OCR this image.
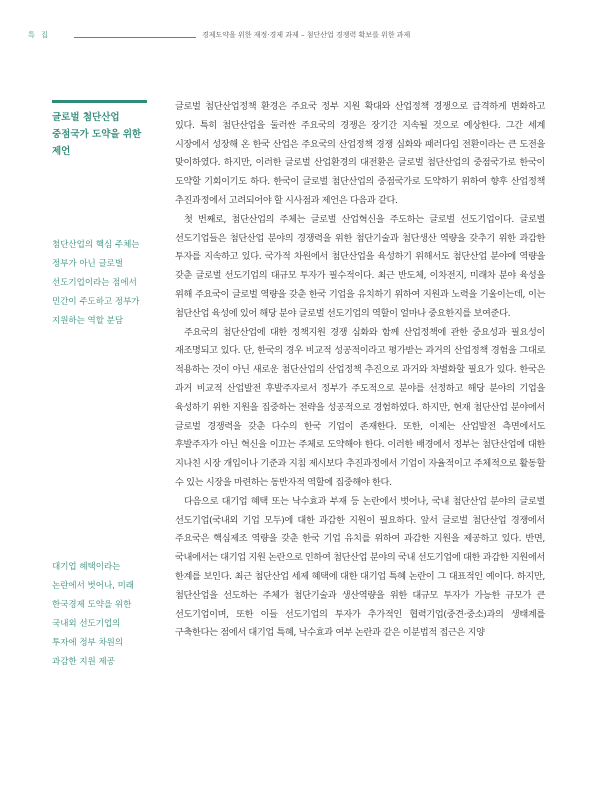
특 집	경제도약을 위한 재정·경제 과제 – 첨단산업 경쟁력 확보를 위한 과제

글로벌 첨단산업
중점국가 도약을 위한
제언

첨단산업의 핵심 주체는
정부가 아닌 글로벌
선도기업이라는 점에서
민간이 주도하고 정부가
지원하는 역할 분담

대기업 혜택이라는
논란에서 벗어나, 미래
한국경제 도약을 위한
국내외 선도기업의
투자에 정부 차원의
과감한 지원 제공

글로벌 첨단산업정책 환경은 주요국 정부 지원 확대와 산업정책 경쟁으로 급격하게 변화하고 있다. 특히 첨단산업을 둘러싼 주요국의 경쟁은 장기간 지속될 것으로 예상한다. 그간 세계 시장에서 성장해 온 한국 산업은 주요국의 산업정책 경쟁 심화와 패러다임 전환이라는 큰 도전을 맞이하였다. 하지만, 이러한 글로벌 산업환경의 대전환은 글로벌 첨단산업의 중점국가로 한국이 도약할 기회이기도 하다. 한국이 글로벌 첨단산업의 중점국가로 도약하기 위하여 향후 산업정책 추진과정에서 고려되어야 할 시사점과 제언은 다음과 같다.

첫 번째로, 첨단산업의 주체는 글로벌 산업혁신을 주도하는 글로벌 선도기업이다. 글로벌 선도기업들은 첨단산업 분야의 경쟁력을 위한 첨단기술과 첨단생산 역량을 갖추기 위한 과감한 투자를 지속하고 있다. 국가적 차원에서 첨단산업을 육성하기 위해서도 첨단산업 분야에 역량을 갖춘 글로벌 선도기업의 대규모 투자가 필수적이다. 최근 반도체, 이차전지, 미래차 분야 육성을 위해 주요국이 글로벌 역량을 갖춘 한국 기업을 유치하기 위하여 지원과 노력을 기울이는데, 이는 첨단산업 육성에 있어 해당 분야 글로벌 선도기업의 역할이 얼마나 중요한지를 보여준다.

주요국의 첨단산업에 대한 정책지원 경쟁 심화와 함께 산업정책에 관한 중요성과 필요성이 재조명되고 있다. 단, 한국의 경우 비교적 성공적이라고 평가받는 과거의 산업정책 경험을 그대로 적용하는 것이 아닌 새로운 첨단산업의 산업정책 추진으로 과거와 차별화할 필요가 있다. 한국은 과거 비교적 산업발전 후발주자로서 정부가 주도적으로 분야를 선정하고 해당 분야의 기업을 육성하기 위한 지원을 집중하는 전략을 성공적으로 경험하였다. 하지만, 현재 첨단산업 분야에서 글로벌 경쟁력을 갖춘 다수의 한국 기업이 존재한다. 또한, 이제는 산업발전 측면에서도 후발주자가 아닌 혁신을 이끄는 주체로 도약해야 한다. 이러한 배경에서 정부는 첨단산업에 대한 지나친 시장 개입이나 기준과 지침 제시보다 추진과정에서 기업이 자율적이고 주체적으로 활동할 수 있는 시장을 마련하는 동반자적 역할에 집중해야 한다.

다음으로 대기업 혜택 또는 낙수효과 부재 등 논란에서 벗어나, 국내 첨단산업 분야의 글로벌 선도기업(국내외 기업 모두)에 대한 과감한 지원이 필요하다. 앞서 글로벌 첨단산업 경쟁에서 주요국은 핵심제조 역량을 갖춘 한국 기업 유치를 위하여 과감한 지원을 제공하고 있다. 반면, 국내에서는 대기업 지원 논란으로 인하여 첨단산업 분야의 국내 선도기업에 대한 과감한 지원에서 한계를 보인다. 최근 첨단산업 세제 혜택에 대한 대기업 특혜 논란이 그 대표적인 예이다. 하지만, 첨단산업을 선도하는 주체가 첨단기술과 생산역량을 위한 대규모 투자가 가능한 규모가 큰 선도기업이며, 또한 이들 선도기업의 투자가 추가적인 협력기업(중견·중소)과의 생태계를 구축한다는 점에서 대기업 특혜, 낙수효과 여부 논란과 같은 이분법적 접근은 지양
